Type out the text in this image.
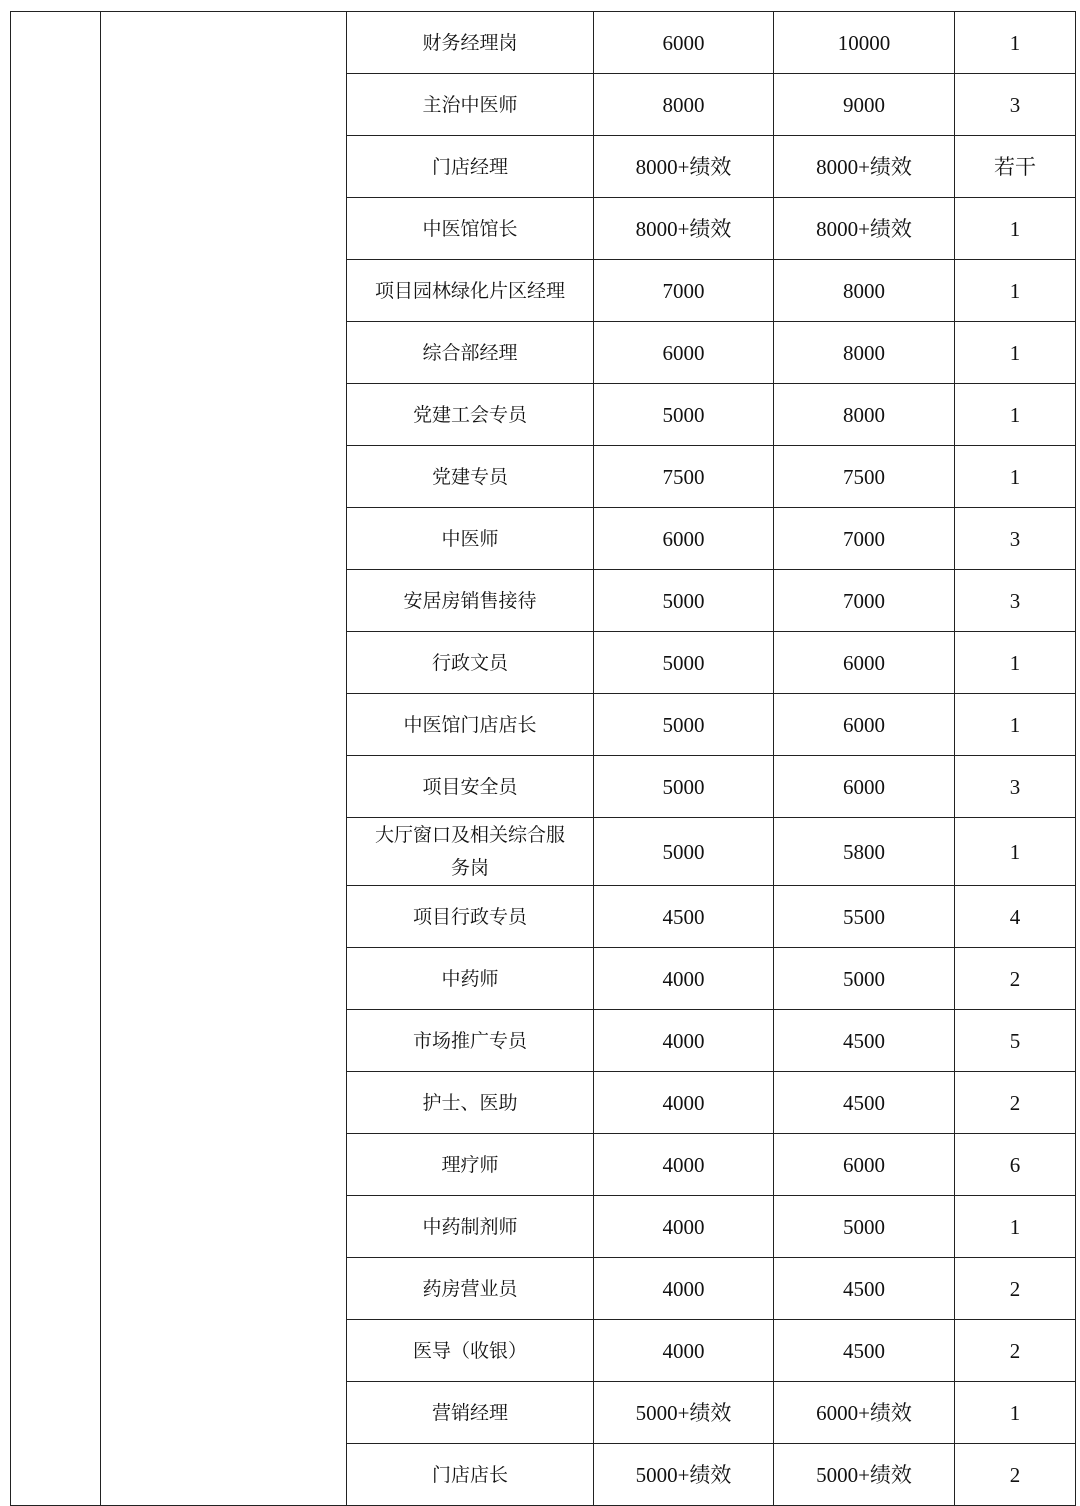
		财务经理岗	6000	10000	1
		主治中医师	8000	9000	3
		门店经理	8000+绩效	8000+绩效	若干
		中医馆馆长	8000+绩效	8000+绩效	1
		项目园林绿化片区经理	7000	8000	1
		综合部经理	6000	8000	1
		党建工会专员	5000	8000	1
		党建专员	7500	7500	1
		中医师	6000	7000	3
		安居房销售接待	5000	7000	3
		行政文员	5000	6000	1
		中医馆门店店长	5000	6000	1
		项目安全员	5000	6000	3
		大厅窗口及相关综合服务岗	5000	5800	1
		项目行政专员	4500	5500	4
		中药师	4000	5000	2
		市场推广专员	4000	4500	5
		护士、医助	4000	4500	2
		理疗师	4000	6000	6
		中药制剂师	4000	5000	1
		药房营业员	4000	4500	2
		医导（收银）	4000	4500	2
		营销经理	5000+绩效	6000+绩效	1
		门店店长	5000+绩效	5000+绩效	2
